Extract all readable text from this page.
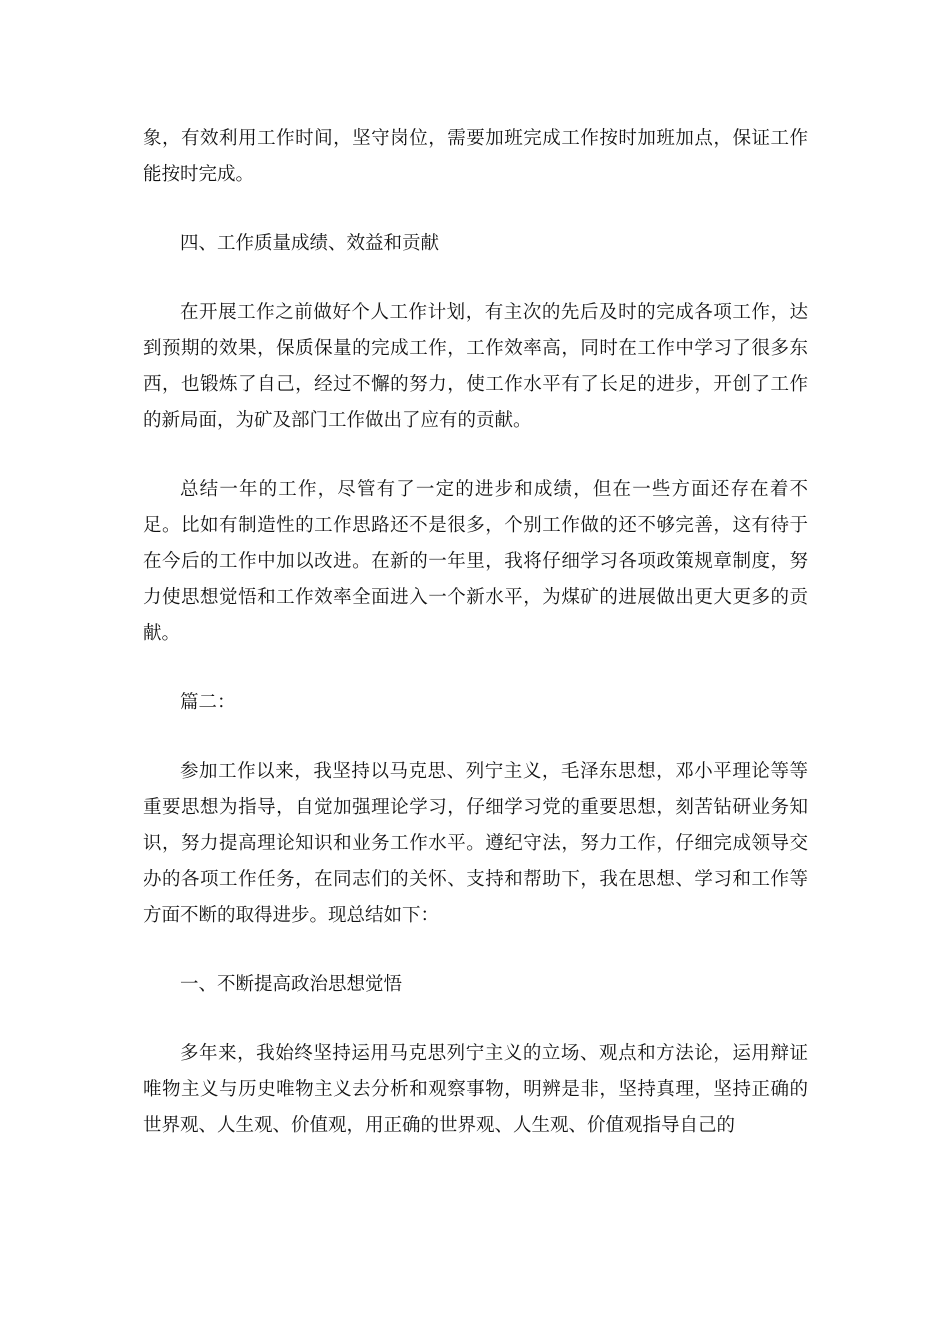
象，有效利用工作时间，坚守岗位，需要加班完成工作按时加班加点，保证工作能按时完成。

四、工作质量成绩、效益和贡献

在开展工作之前做好个人工作计划，有主次的先后及时的完成各项工作，达到预期的效果，保质保量的完成工作，工作效率高，同时在工作中学习了很多东西，也锻炼了自己，经过不懈的努力，使工作水平有了长足的进步，开创了工作的新局面，为矿及部门工作做出了应有的贡献。

总结一年的工作，尽管有了一定的进步和成绩，但在一些方面还存在着不足。比如有制造性的工作思路还不是很多，个别工作做的还不够完善，这有待于在今后的工作中加以改进。在新的一年里，我将仔细学习各项政策规章制度，努力使思想觉悟和工作效率全面进入一个新水平，为煤矿的进展做出更大更多的贡献。

篇二：

参加工作以来，我坚持以马克思、列宁主义，毛泽东思想，邓小平理论等等重要思想为指导，自觉加强理论学习，仔细学习党的重要思想，刻苦钻研业务知识，努力提高理论知识和业务工作水平。遵纪守法，努力工作，仔细完成领导交办的各项工作任务，在同志们的关怀、支持和帮助下，我在思想、学习和工作等方面不断的取得进步。现总结如下：

一、不断提高政治思想觉悟

多年来，我始终坚持运用马克思列宁主义的立场、观点和方法论，运用辩证唯物主义与历史唯物主义去分析和观察事物，明辨是非，坚持真理，坚持正确的世界观、人生观、价值观，用正确的世界观、人生观、价值观指导自己的
